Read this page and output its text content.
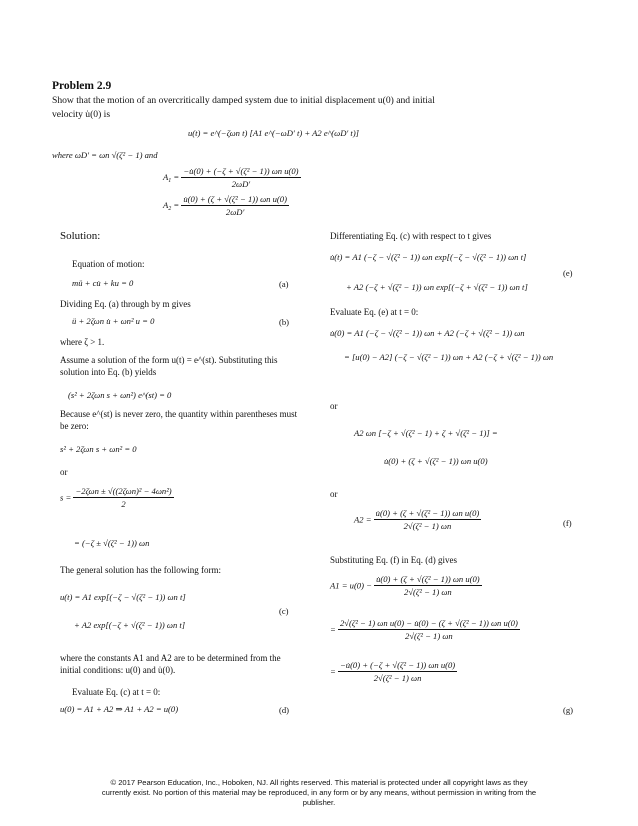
Problem 2.9
Show that the motion of an overcritically damped system due to initial displacement u(0) and initial
velocity u̇(0) is
u(t) = e^(−ζωn t) [A1 e^(−ωD′ t) + A2 e^(ωD′ t)]
where ωD′ = ωn √(ζ² − 1) and
$A_1 = \frac{\text{−u̇(0) + (−ζ + √(ζ² − 1)) ωn u(0)}}{2\omega D'}$
$A_2 = \frac{\text{u̇(0) + (ζ + √(ζ² − 1)) ωn u(0)}}{2\omega D'}$
Solution:
Equation of motion:
mü + cu̇ + ku = 0	(a)
Dividing Eq. (a) through by m gives
ü + 2ζωn u̇ + ωn² u = 0	(b)
where ζ > 1.
Assume a solution of the form u(t) = e^(st). Substituting this solution into Eq. (b) yields
(s² + 2ζωn s + ωn²) e^(st) = 0
Because e^(st) is never zero, the quantity within parentheses must be zero:
s² + 2ζωn s + ωn² = 0
or
$s = \frac{\text{−2ζωn ± √((2ζωn)² − 4ωn²)}}{2}$
= (−ζ ± √(ζ² − 1)) ωn
The general solution has the following form:
u(t) = A1 exp[(−ζ − √(ζ² − 1)) ωn t]
+ A2 exp[(−ζ + √(ζ² − 1)) ωn t]
(c)
where the constants A1 and A2 are to be determined from the initial conditions: u(0) and u̇(0).
Evaluate Eq. (c) at t = 0:
u(0) = A1 + A2 ⇒ A1 + A2 = u(0)	(d)
Differentiating Eq. (c) with respect to t gives
u̇(t) = A1 (−ζ − √(ζ² − 1)) ωn exp[(−ζ − √(ζ² − 1)) ωn t]
+ A2 (−ζ + √(ζ² − 1)) ωn exp[(−ζ + √(ζ² − 1)) ωn t]
(e)
Evaluate Eq. (e) at t = 0:
u̇(0) = A1 (−ζ − √(ζ² − 1)) ωn + A2 (−ζ + √(ζ² − 1)) ωn
= [u(0) − A2] (−ζ − √(ζ² − 1)) ωn + A2 (−ζ + √(ζ² − 1)) ωn
or
A2 ωn [−ζ + √(ζ² − 1) + ζ + √(ζ² − 1)] =
u̇(0) + (ζ + √(ζ² − 1)) ωn u(0)
or
$A2 = \frac{\text{u̇(0) + (ζ + √(ζ² − 1)) ωn u(0)}}{\text{2√(ζ² − 1) ωn}}$	(f)
Substituting Eq. (f) in Eq. (d) gives
$A1 = u(0) - \frac{\text{u̇(0) + (ζ + √(ζ² − 1)) ωn u(0)}}{\text{2√(ζ² − 1) ωn}}$
= $\frac{\text{2√(ζ² − 1) ωn u(0) − u̇(0) − (ζ + √(ζ² − 1)) ωn u(0)}}{\text{2√(ζ² − 1) ωn}}$
= $\frac{\text{−u̇(0) + (−ζ + √(ζ² − 1)) ωn u(0)}}{\text{2√(ζ² − 1) ωn}}$
(g)
© 2017 Pearson Education, Inc., Hoboken, NJ. All rights reserved. This material is protected under all copyright laws as they currently exist. No portion of this material may be reproduced, in any form or by any means, without permission in writing from the publisher.
